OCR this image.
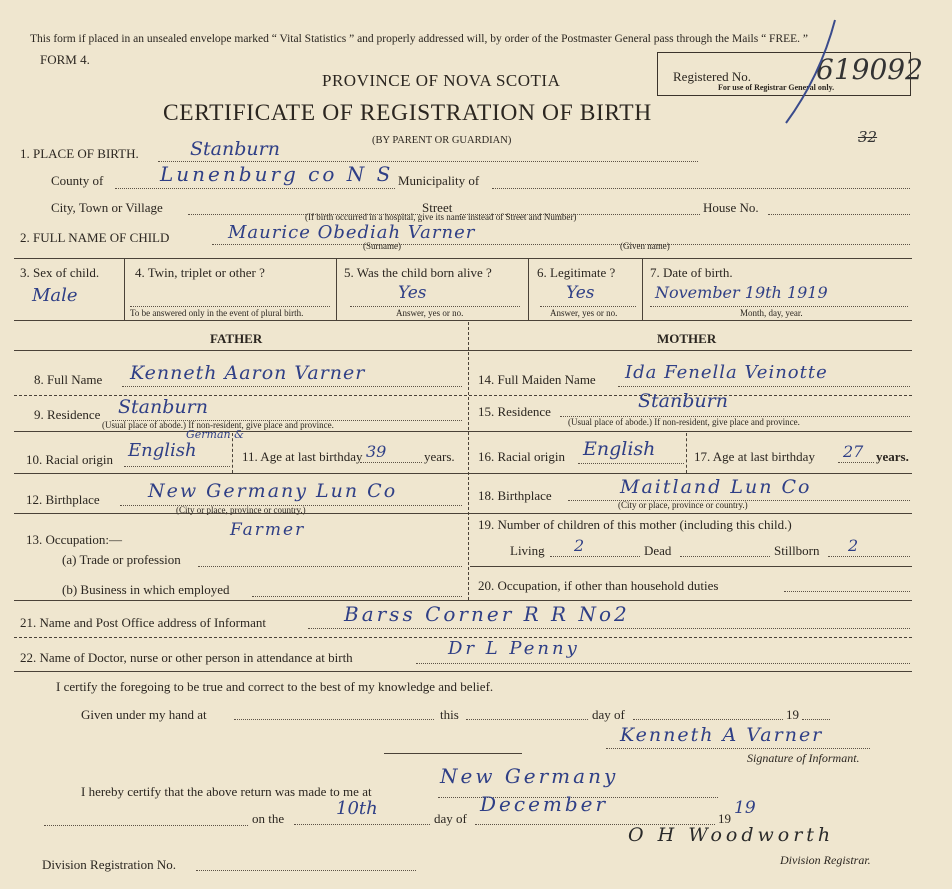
This form if placed in an unsealed envelope marked “ Vital Statistics ” and properly addressed will, by order of the Postmaster General pass through the Mails “ FREE. ”
FORM 4.
PROVINCE OF NOVA SCOTIA
CERTIFICATE OF REGISTRATION OF BIRTH
(BY PARENT OR GUARDIAN)
Registered No.
For use of Registrar General only.
619092
32
1. PLACE OF BIRTH.	Stanburn
County of	Lunenburg co N S Municipality of
City, Town or Village	Street	House No.
(If birth occurred in a hospital, give its name instead of Street and Number)
2. FULL NAME OF CHILD	Maurice Obediah Varner
(Surname)	(Given name)
3. Sex of child.
Male
4. Twin, triplet or other ?
To be answered only in the event of plural birth.
5. Was the child born alive ?
Yes
Answer, yes or no.
6. Legitimate ?
Yes
Answer, yes or no.
7. Date of birth.
November 19th 1919
Month, day, year.
FATHER	MOTHER
8. Full Name Kenneth Aaron Varner	14. Full Maiden Name Ida Fenella Veinotte
9. Residence Stanburn
(Usual place of abode.) If non-resident, give place and province.
15. Residence	Stanburn
(Usual place of abode.) If non-resident, give place and province.
10. Racial origin English
German &
11. Age at last birthday 39	years. 16. Racial origin English	17. Age at last birthday 27 years.
12. Birthplace	New Germany Lun Co
(City or place, province or country.)
18. Birthplace	Maitland Lun Co
(City or place, province or country.)
13. Occupation:—	Farmer
(a) Trade or profession
(b) Business in which employed
19. Number of children of this mother (including this child.)
Living 2	Dead	Stillborn 2
20. Occupation, if other than household duties
21. Name and Post Office address of Informant	Barss Corner R R No2
22. Name of Doctor, nurse or other person in attendance at birth	Dr L Penny
I certify the foregoing to be true and correct to the best of my knowledge and belief.
Given under my hand at	this	day of	19
Kenneth A Varner
Signature of Informant.
I hereby certify that the above return was made to me at
New Germany
on the	10th	day of
December
19
19
O H Woodworth
Division Registrar.
Division Registration No.
